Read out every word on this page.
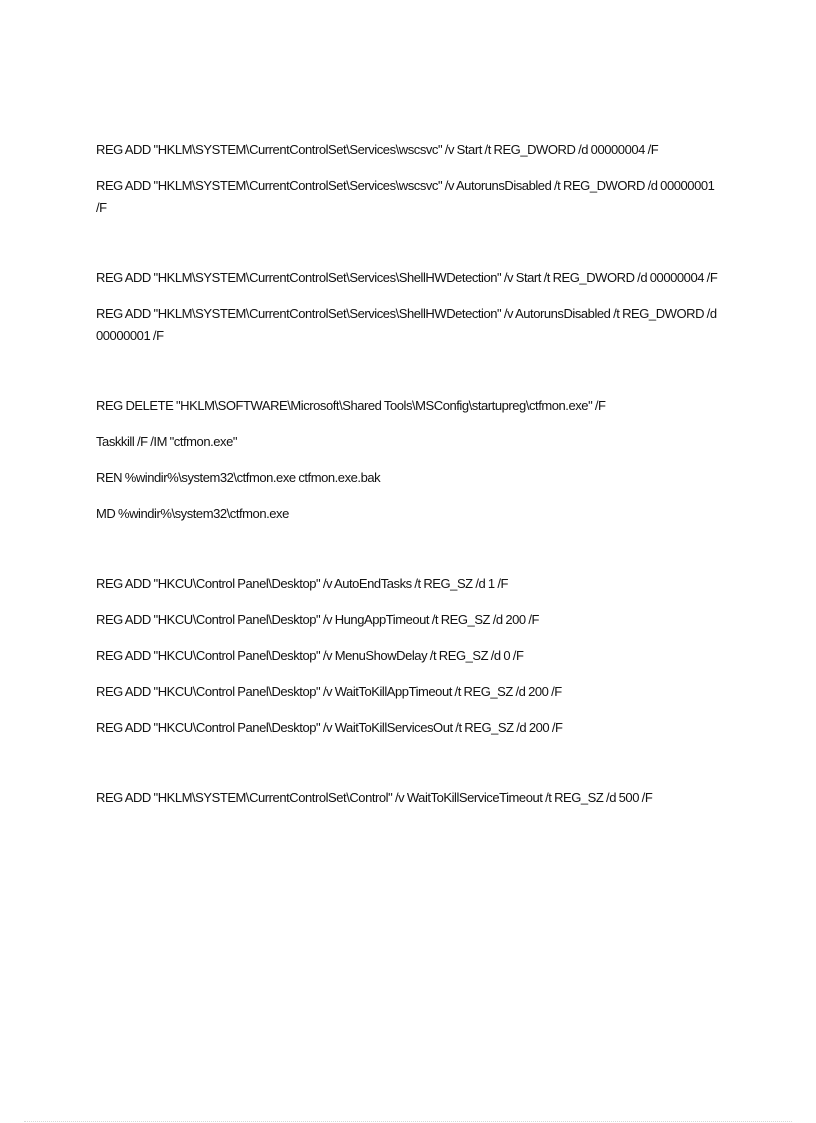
REG ADD "HKLM\SYSTEM\CurrentControlSet\Services\wscsvc" /v Start /t REG_DWORD /d 00000004 /F
REG ADD "HKLM\SYSTEM\CurrentControlSet\Services\wscsvc" /v AutorunsDisabled /t REG_DWORD /d 00000001 /F
REG ADD "HKLM\SYSTEM\CurrentControlSet\Services\ShellHWDetection" /v Start /t REG_DWORD /d 00000004 /F
REG ADD "HKLM\SYSTEM\CurrentControlSet\Services\ShellHWDetection" /v AutorunsDisabled /t REG_DWORD /d 00000001 /F
REG DELETE "HKLM\SOFTWARE\Microsoft\Shared Tools\MSConfig\startupreg\ctfmon.exe" /F
Taskkill /F /IM "ctfmon.exe"
REN %windir%\system32\ctfmon.exe ctfmon.exe.bak
MD %windir%\system32\ctfmon.exe
REG ADD "HKCU\Control Panel\Desktop" /v AutoEndTasks /t REG_SZ /d 1 /F
REG ADD "HKCU\Control Panel\Desktop" /v HungAppTimeout /t REG_SZ /d 200 /F
REG ADD "HKCU\Control Panel\Desktop" /v MenuShowDelay /t REG_SZ /d 0 /F
REG ADD "HKCU\Control Panel\Desktop" /v WaitToKillAppTimeout /t REG_SZ /d 200 /F
REG ADD "HKCU\Control Panel\Desktop" /v WaitToKillServicesOut /t REG_SZ /d 200 /F
REG ADD "HKLM\SYSTEM\CurrentControlSet\Control" /v WaitToKillServiceTimeout /t REG_SZ /d 500 /F
